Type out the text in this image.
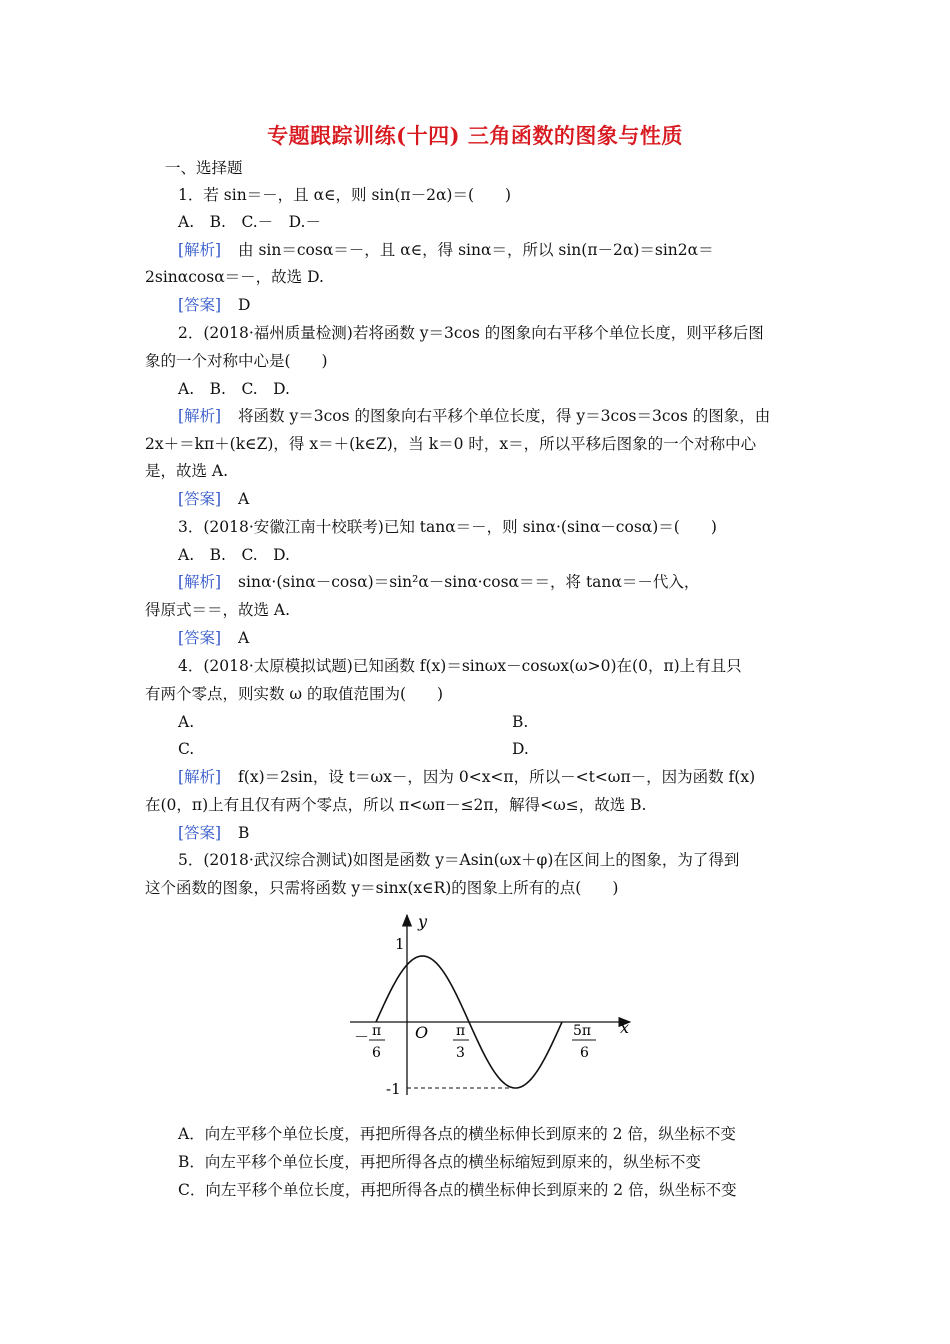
专题跟踪训练(十四) 三角函数的图象与性质
一、选择题
1．若 sin＝－，且 α∈，则 sin(π－2α)＝(　　)
A.　B.　C.－　D.－
[解析] 由 sin＝cosα＝－，且 α∈，得 sinα＝，所以 sin(π－2α)＝sin2α＝
2sinαcosα＝－，故选 D.
[答案] D
2．(2018·福州质量检测)若将函数 y＝3cos 的图象向右平移个单位长度，则平移后图
象的一个对称中心是(　　)
A.　B.　C.　D.
[解析] 将函数 y＝3cos 的图象向右平移个单位长度，得 y＝3cos＝3cos 的图象，由
2x＋＝kπ＋(k∈Z)，得 x＝＋(k∈Z)，当 k＝0 时，x＝，所以平移后图象的一个对称中心
是，故选 A.
[答案] A
3．(2018·安徽江南十校联考)已知 tanα＝－，则 sinα·(sinα－cosα)＝(　　)
A.　B.　C.　D.
[解析] sinα·(sinα－cosα)＝sin²α－sinα·cosα＝＝，将 tanα＝－代入，
得原式＝＝，故选 A.
[答案] A
4．(2018·太原模拟试题)已知函数 f(x)＝sinωx－cosωx(ω>0)在(0，π)上有且只
有两个零点，则实数 ω 的取值范围为(　　)
A.	B.
C.	D.
[解析] f(x)＝2sin，设 t＝ωx－，因为 0<x<π，所以－<t<ωπ－，因为函数 f(x)
在(0，π)上有且仅有两个零点，所以 π<ωπ－≤2π，解得<ω≤，故选 B.
[答案] B
5．(2018·武汉综合测试)如图是函数 y＝Asin(ωx＋φ)在区间上的图象，为了得到
这个函数的图象，只需将函数 y＝sinx(x∈R)的图象上所有的点(　　)
y
x
O
1
-1
－ π
6
π
3
5π
6
A．向左平移个单位长度，再把所得各点的横坐标伸长到原来的 2 倍，纵坐标不变
B．向左平移个单位长度，再把所得各点的横坐标缩短到原来的，纵坐标不变
C．向左平移个单位长度，再把所得各点的横坐标伸长到原来的 2 倍，纵坐标不变
